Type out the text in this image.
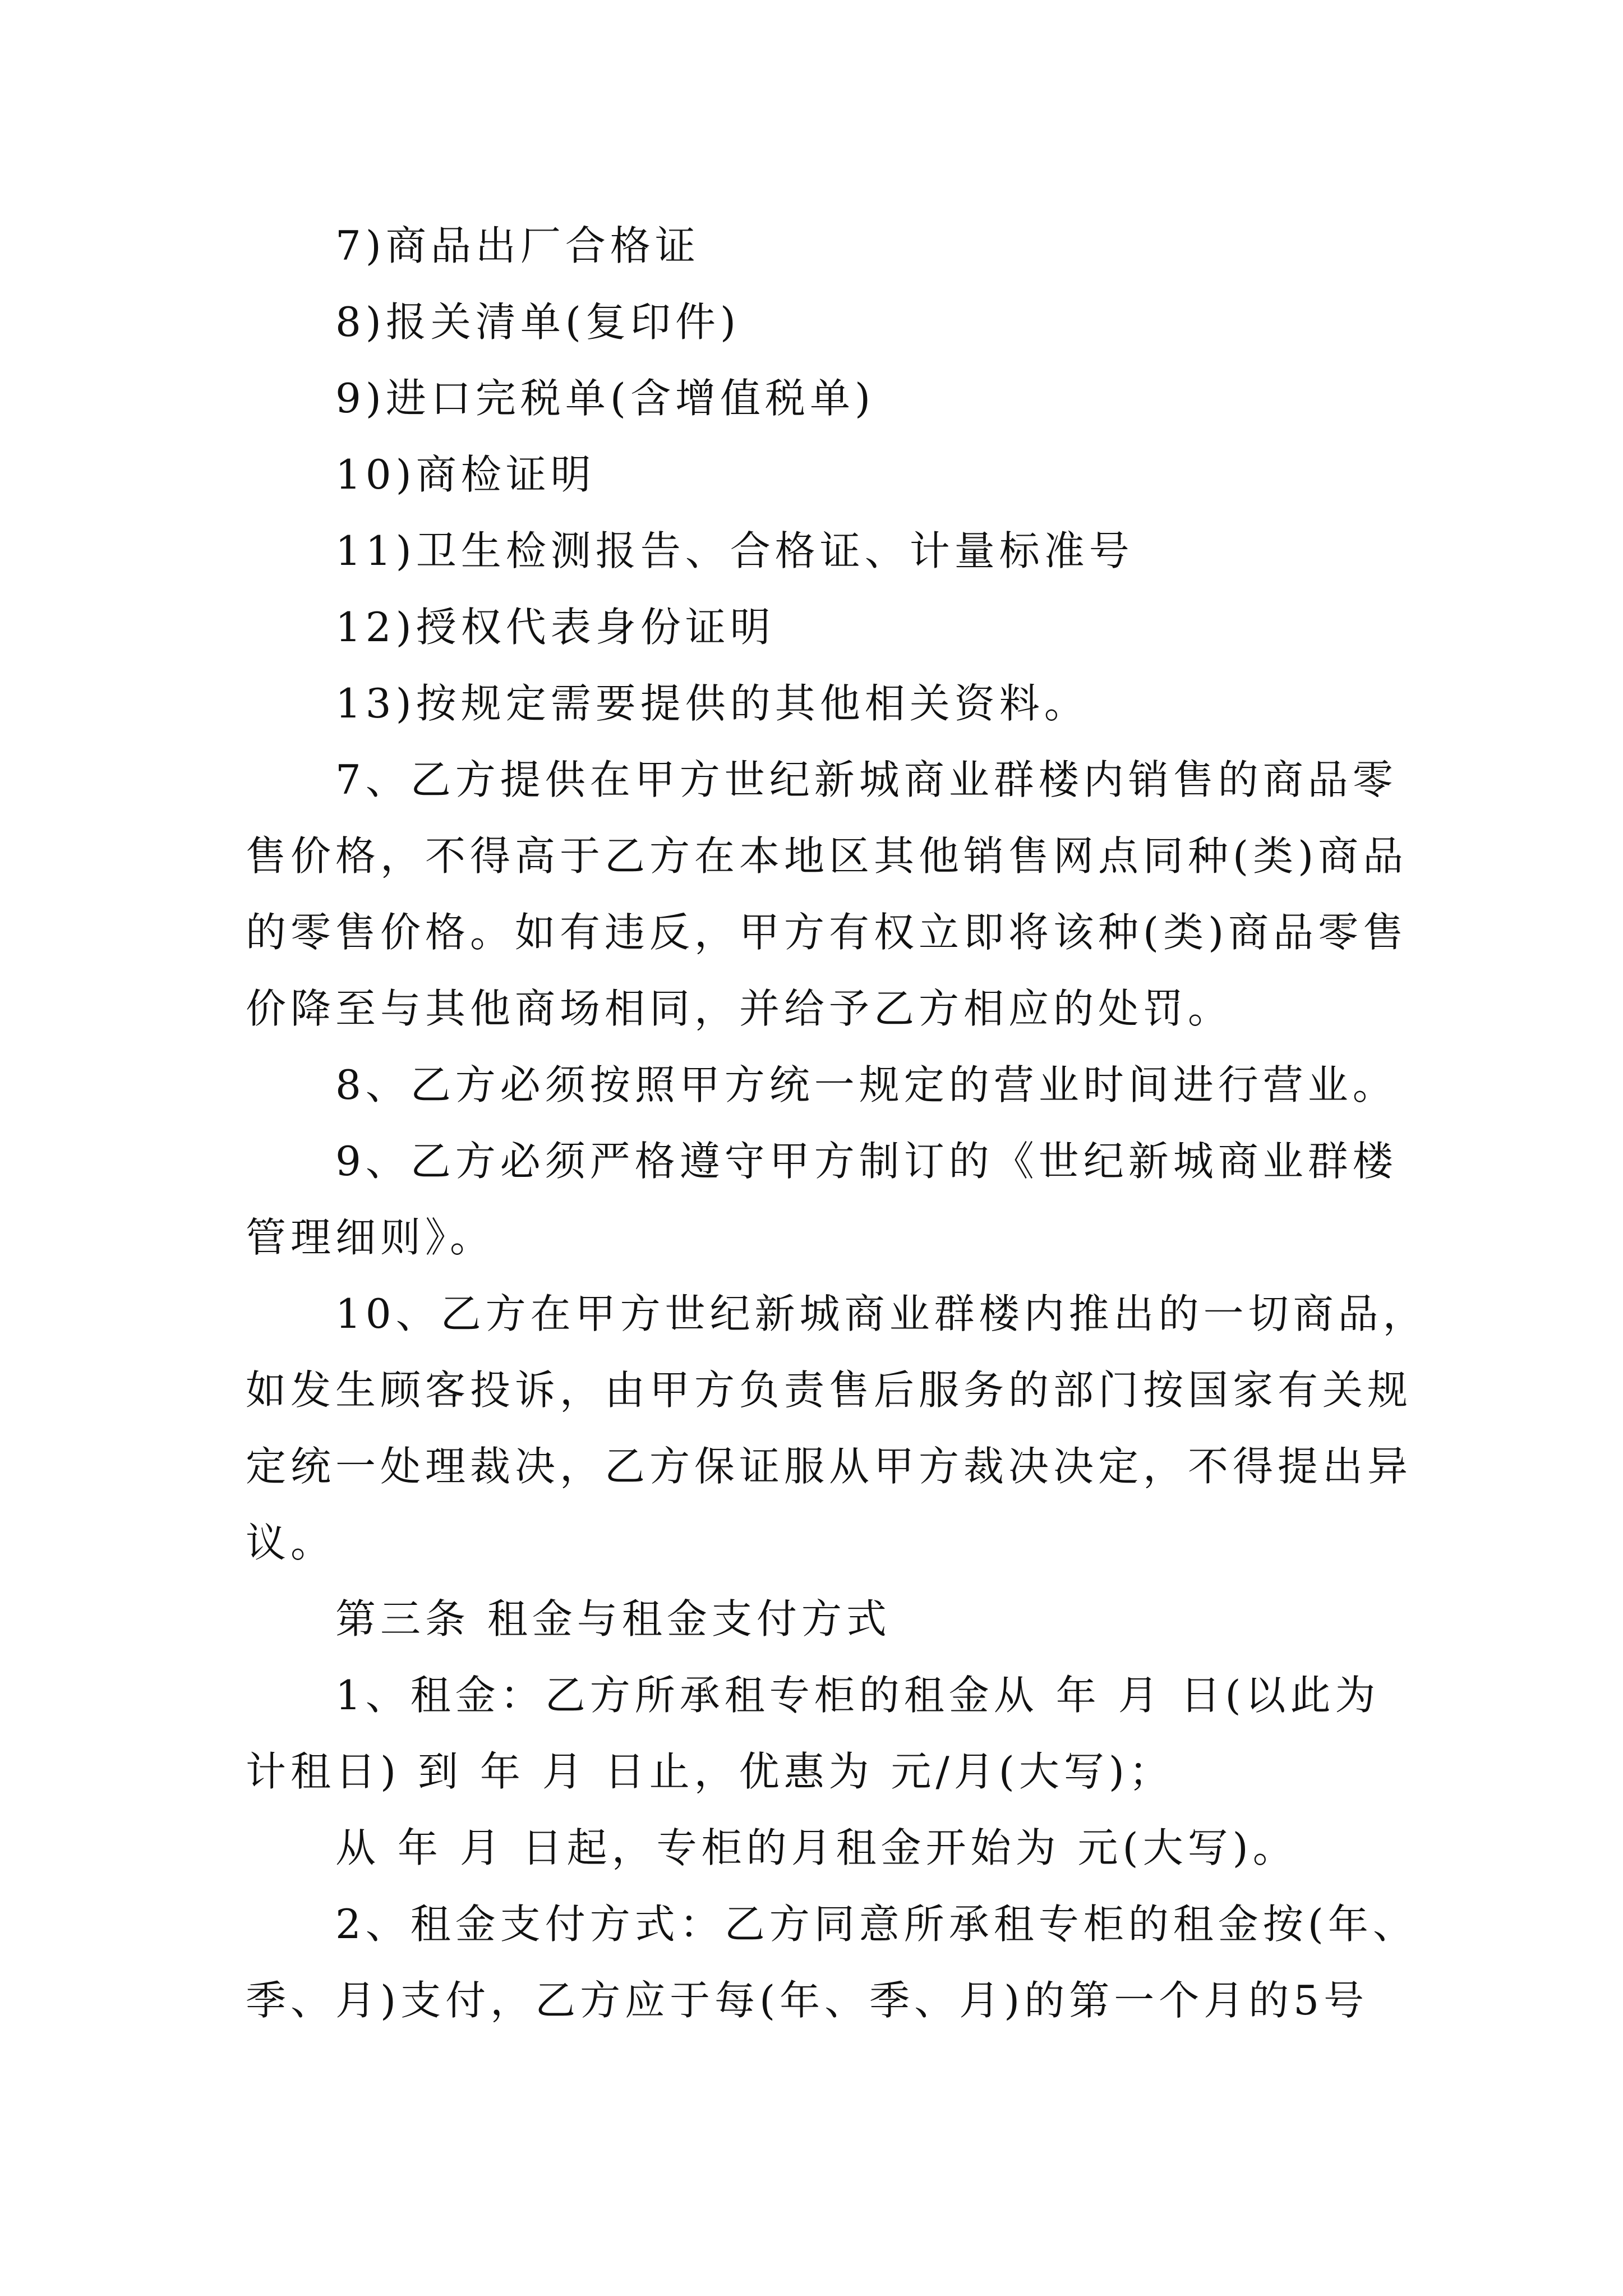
7)商品出厂合格证
8)报关清单(复印件)
9)进口完税单(含增值税单)
10)商检证明
11)卫生检测报告、合格证、计量标准号
12)授权代表身份证明
13)按规定需要提供的其他相关资料。
7、乙方提供在甲方世纪新城商业群楼内销售的商品零
售价格，不得高于乙方在本地区其他销售网点同种(类)商品
的零售价格。如有违反，甲方有权立即将该种(类)商品零售
价降至与其他商场相同，并给予乙方相应的处罚。
8、乙方必须按照甲方统一规定的营业时间进行营业。
9、乙方必须严格遵守甲方制订的《世纪新城商业群楼
管理细则》。
10、乙方在甲方世纪新城商业群楼内推出的一切商品，
如发生顾客投诉，由甲方负责售后服务的部门按国家有关规
定统一处理裁决，乙方保证服从甲方裁决决定，不得提出异
议。
第三条 租金与租金支付方式
1、租金：乙方所承租专柜的租金从 年 月 日(以此为
计租日) 到 年 月 日止，优惠为 元/月(大写)；
从 年 月 日起，专柜的月租金开始为 元(大写)。
2、租金支付方式：乙方同意所承租专柜的租金按(年、
季、月)支付，乙方应于每(年、季、月)的第一个月的5号
